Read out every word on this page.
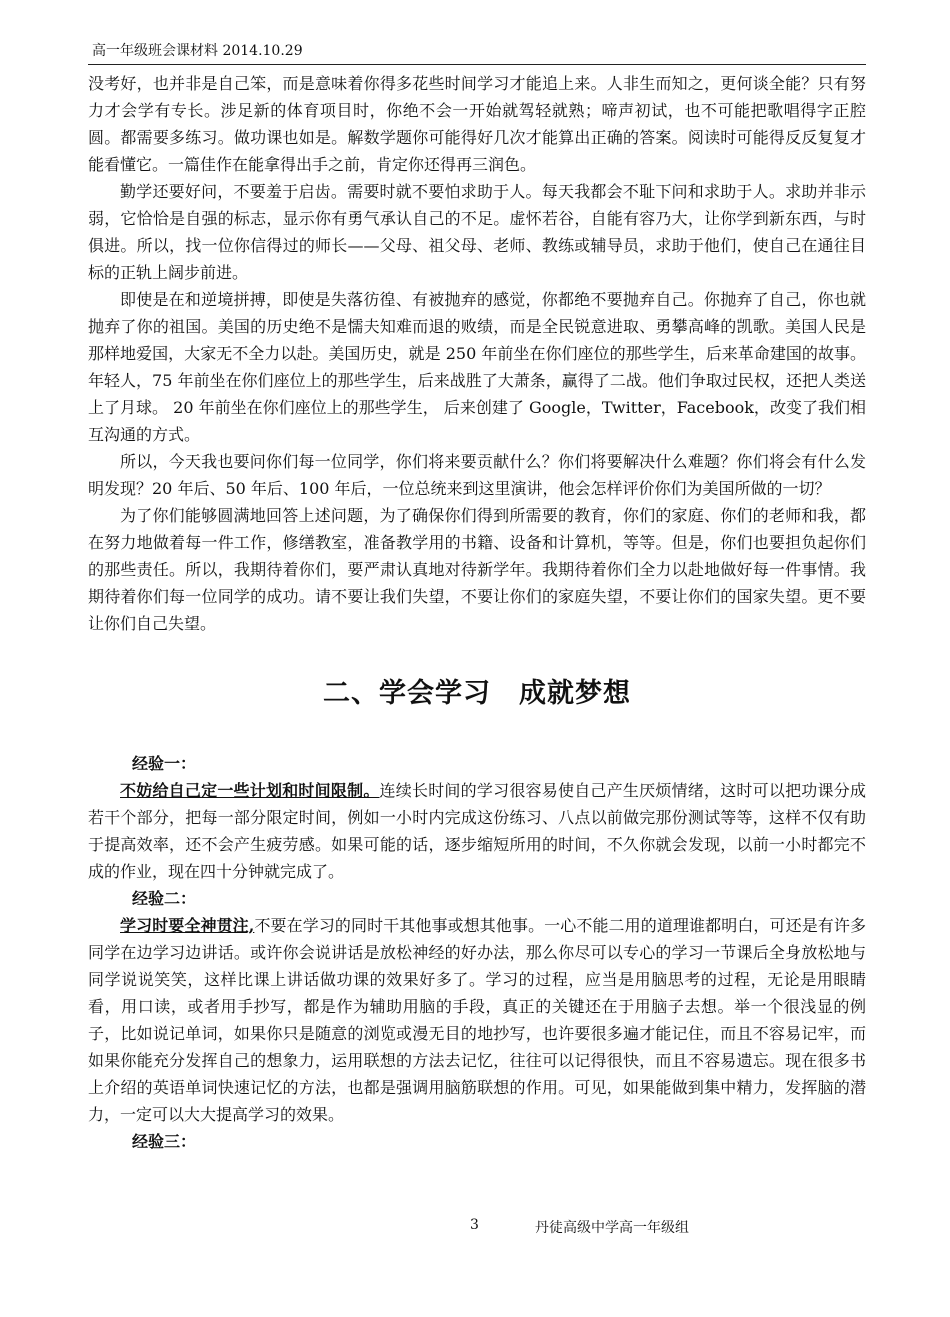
高一年级班会课材料 2014.10.29

没考好，也并非是自己笨，而是意味着你得多花些时间学习才能追上来。人非生而知之，更何谈全能？只有努力才会学有专长。涉足新的体育项目时，你绝不会一开始就驾轻就熟；啼声初试，也不可能把歌唱得字正腔圆。都需要多练习。做功课也如是。解数学题你可能得好几次才能算出正确的答案。阅读时可能得反反复复才能看懂它。一篇佳作在能拿得出手之前，肯定你还得再三润色。

勤学还要好问，不要羞于启齿。需要时就不要怕求助于人。每天我都会不耻下问和求助于人。求助并非示弱，它恰恰是自强的标志，显示你有勇气承认自己的不足。虚怀若谷，自能有容乃大，让你学到新东西，与时俱进。所以，找一位你信得过的师长——父母、祖父母、老师、教练或辅导员，求助于他们，使自己在通往目标的正轨上阔步前进。

即使是在和逆境拼搏，即使是失落彷徨、有被抛弃的感觉，你都绝不要抛弃自己。你抛弃了自己，你也就抛弃了你的祖国。美国的历史绝不是懦夫知难而退的败绩，而是全民锐意进取、勇攀高峰的凯歌。美国人民是那样地爱国，大家无不全力以赴。美国历史，就是 250 年前坐在你们座位的那些学生，后来革命建国的故事。年轻人，75 年前坐在你们座位上的那些学生，后来战胜了大萧条，赢得了二战。他们争取过民权，还把人类送上了月球。 20 年前坐在你们座位上的那些学生， 后来创建了 Google，Twitter，Facebook，改变了我们相互沟通的方式。

所以，今天我也要问你们每一位同学，你们将来要贡献什么？你们将要解决什么难题？你们将会有什么发明发现？20 年后、50 年后、100 年后，一位总统来到这里演讲，他会怎样评价你们为美国所做的一切？

为了你们能够圆满地回答上述问题，为了确保你们得到所需要的教育，你们的家庭、你们的老师和我，都在努力地做着每一件工作，修缮教室，准备教学用的书籍、设备和计算机，等等。但是，你们也要担负起你们的那些责任。所以，我期待着你们，要严肃认真地对待新学年。我期待着你们全力以赴地做好每一件事情。我期待着你们每一位同学的成功。请不要让我们失望，不要让你们的家庭失望，不要让你们的国家失望。更不要让你们自己失望。

二、学会学习　成就梦想

经验一：

不妨给自己定一些计划和时间限制。连续长时间的学习很容易使自己产生厌烦情绪，这时可以把功课分成若干个部分，把每一部分限定时间，例如一小时内完成这份练习、八点以前做完那份测试等等，这样不仅有助于提高效率，还不会产生疲劳感。如果可能的话，逐步缩短所用的时间，不久你就会发现，以前一小时都完不成的作业，现在四十分钟就完成了。

经验二：

学习时要全神贯注,不要在学习的同时干其他事或想其他事。一心不能二用的道理谁都明白，可还是有许多同学在边学习边讲话。或许你会说讲话是放松神经的好办法，那么你尽可以专心的学习一节课后全身放松地与同学说说笑笑，这样比课上讲话做功课的效果好多了。学习的过程，应当是用脑思考的过程，无论是用眼睛看，用口读，或者用手抄写，都是作为辅助用脑的手段，真正的关键还在于用脑子去想。举一个很浅显的例子，比如说记单词，如果你只是随意的浏览或漫无目的地抄写，也许要很多遍才能记住，而且不容易记牢，而如果你能充分发挥自己的想象力，运用联想的方法去记忆，往往可以记得很快，而且不容易遗忘。现在很多书上介绍的英语单词快速记忆的方法，也都是强调用脑筋联想的作用。可见，如果能做到集中精力，发挥脑的潜力，一定可以大大提高学习的效果。

经验三：

3	丹徒高级中学高一年级组
